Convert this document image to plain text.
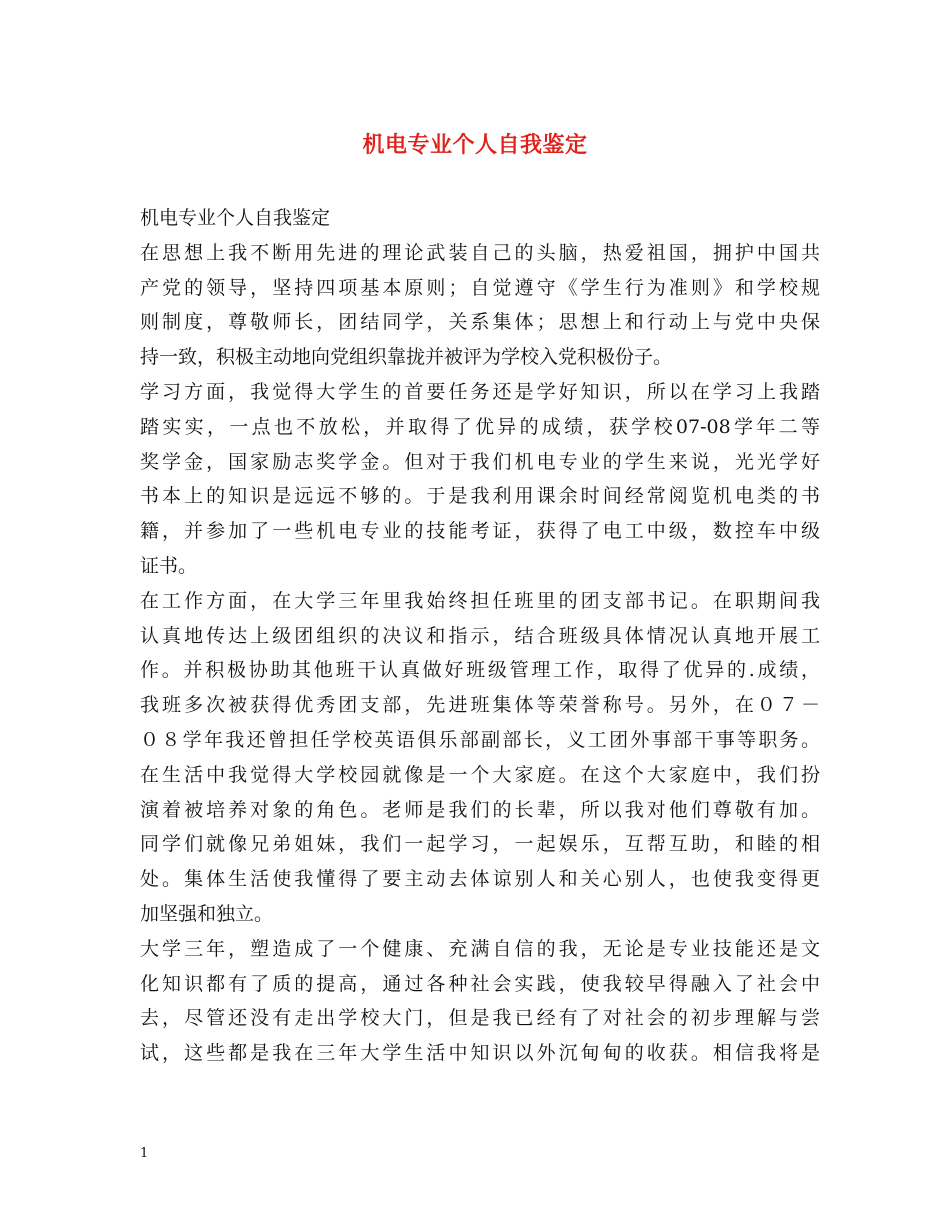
机电专业个人自我鉴定
机电专业个人自我鉴定
在思想上我不断用先进的理论武装自己的头脑，热爱祖国，拥护中国共
产党的领导，坚持四项基本原则；自觉遵守《学生行为准则》和学校规
则制度，尊敬师长，团结同学，关系集体；思想上和行动上与党中央保
持一致，积极主动地向党组织靠拢并被评为学校入党积极份子。
学习方面，我觉得大学生的首要任务还是学好知识，所以在学习上我踏
踏实实，一点也不放松，并取得了优异的成绩，获学校07-08学年二等
奖学金，国家励志奖学金。但对于我们机电专业的学生来说，光光学好
书本上的知识是远远不够的。于是我利用课余时间经常阅览机电类的书
籍，并参加了一些机电专业的技能考证，获得了电工中级，数控车中级
证书。
在工作方面，在大学三年里我始终担任班里的团支部书记。在职期间我
认真地传达上级团组织的决议和指示，结合班级具体情况认真地开展工
作。并积极协助其他班干认真做好班级管理工作，取得了优异的.成绩，
我班多次被获得优秀团支部，先进班集体等荣誉称号。另外，在０７－
０８学年我还曾担任学校英语俱乐部副部长，义工团外事部干事等职务。
在生活中我觉得大学校园就像是一个大家庭。在这个大家庭中，我们扮
演着被培养对象的角色。老师是我们的长辈，所以我对他们尊敬有加。
同学们就像兄弟姐妹，我们一起学习，一起娱乐，互帮互助，和睦的相
处。集体生活使我懂得了要主动去体谅别人和关心别人，也使我变得更
加坚强和独立。
大学三年，塑造成了一个健康、充满自信的我，无论是专业技能还是文
化知识都有了质的提高，通过各种社会实践，使我较早得融入了社会中
去，尽管还没有走出学校大门，但是我已经有了对社会的初步理解与尝
试，这些都是我在三年大学生活中知识以外沉甸甸的收获。相信我将是
1
